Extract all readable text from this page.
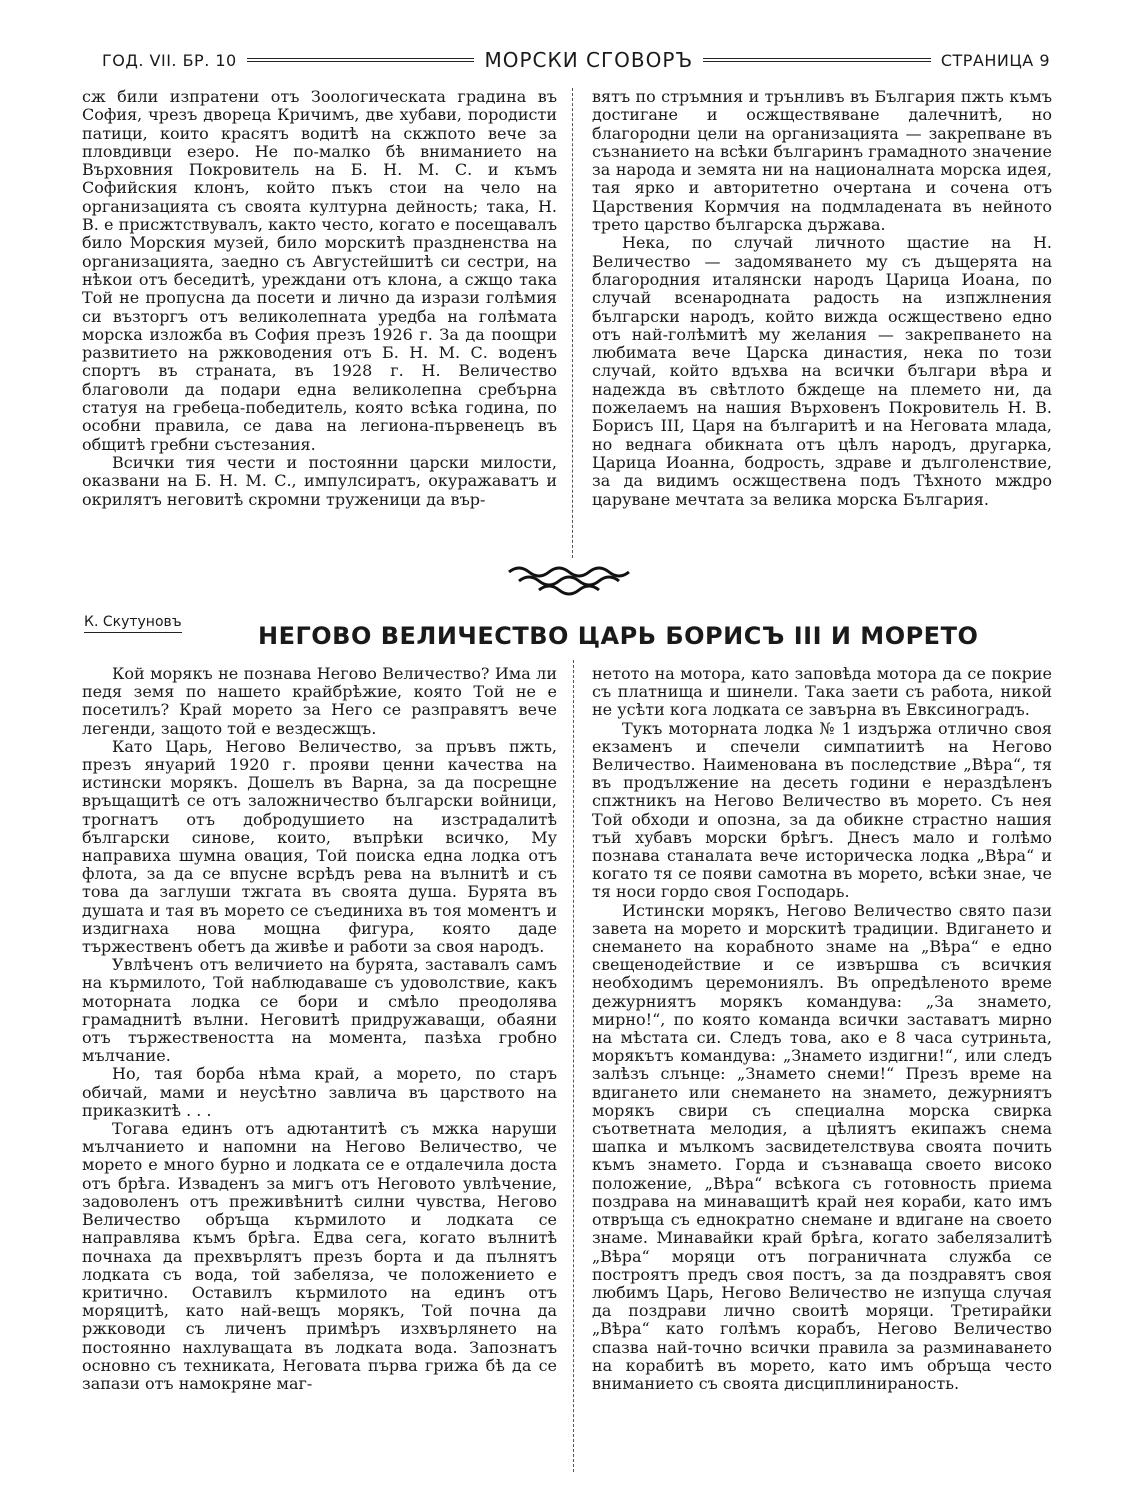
ГОД. VII. БР. 10	МОРСКИ СГОВОРЪ	СТРАНИЦА 9

сж били изпратени отъ Зоологическата градина въ София, чрезъ двореца Кричимъ, две хубави, породисти патици, които красятъ водитѣ на скжпото вече за пловдивци езеро. Не по-малко бѣ вниманието на Върховния Покровитель на Б. Н. М. С. и къмъ Софийския клонъ, който пъкъ стои на чело на организацията съ своята културна дейность; така, Н. В. е присжтствувалъ, както често, когато е посещавалъ било Морския музей, било морскитѣ праздненства на организацията, заедно съ Августейшитѣ си сестри, на нѣкои отъ беседитѣ, уреждани отъ клона, а сжщо така Той не пропусна да посети и лично да изрази голѣмия си възторгъ отъ великолепната уредба на голѣмата морска изложба въ София презъ 1926 г. За да поощри развитието на ржководения отъ Б. Н. М. С. воденъ спортъ въ страната, въ 1928 г. Н. Величество благоволи да подари една великолепна сребърна статуя на гребеца-победитель, която всѣка година, по особни правила, се дава на легиона-първенецъ въ общитѣ гребни състезания.

Всички тия чести и постоянни царски милости, оказвани на Б. Н. М. С., импулсиратъ, окуражаватъ и окрилятъ неговитѣ скромни труженици да вър-

вятъ по стръмния и трънливъ въ България пжть къмъ достигане и осжществяване далечнитѣ, но благородни цели на организацията — закрепване въ съзнанието на всѣки българинъ грамадното значение за народа и земята ни на националната морска идея, тая ярко и авторитетно очертана и сочена отъ Царствения Кормчия на подмладената въ нейното трето царство българска държава.

Нека, по случай личното щастие на Н. Величество — задомяването му съ дъщерята на благородния италянски народъ Царица Иоана, по случай всенародната радость на изпжлнения български народъ, който вижда осжществено едно отъ най-голѣмитѣ му желания — закрепването на любимата вече Царска династия, нека по този случай, който вдъхва на всички българи вѣра и надежда въ свѣтлото бждеще на племето ни, да пожелаемъ на нашия Върховенъ Покровитель Н. В. Борисъ III, Царя на българитѣ и на Неговата млада, но веднага обикната отъ цѣлъ народъ, другарка, Царица Иоанна, бодрость, здраве и дълголенствие, за да видимъ осжществена подъ Тѣхното мждро царуване мечтата за велика морска България.

К. Скутуновъ	НЕГОВО ВЕЛИЧЕСТВО ЦАРЬ БОРИСЪ III И МОРЕТО

Кой морякъ не познава Негово Величество? Има ли педя земя по нашето крайбрѣжие, която Той не е посетилъ? Край морето за Него се разправятъ вече легенди, защото той е вездесжщъ.

Като Царь, Негово Величество, за пръвъ пжть, презъ януарий 1920 г. прояви ценни качества на истински морякъ. Дошелъ въ Варна, за да посрещне връщащитѣ се отъ заложничество български войници, трогнатъ отъ добродушието на изстрадалитѣ български синове, които, въпрѣки всичко, Му направиха шумна овация, Той поиска една лодка отъ флота, за да се впусне всрѣдъ рева на вълнитѣ и съ това да заглуши тжгата въ своята душа. Бурята въ душата и тая въ морето се съединиха въ тоя моментъ и издигнаха нова мощна фигура, която даде тържественъ обетъ да живѣе и работи за своя народъ.

Увлѣченъ отъ величието на бурята, заставалъ самъ на кърмилото, Той наблюдаваше съ удоволствие, какъ моторната лодка се бори и смѣло преодолява грамаднитѣ вълни. Неговитѣ придружаващи, обаяни отъ тържествеността на момента, пазѣха гробно мълчание.

Но, тая борба нѣма край, а морето, по старъ обичай, мами и неусѣтно завлича въ царството на приказкитѣ . . .

Тогава единъ отъ адютантитѣ съ мжка наруши мълчанието и напомни на Негово Величество, че морето е много бурно и лодката се е отдалечила доста отъ брѣга. Изваденъ за мигъ отъ Неговото увлѣчение, задоволенъ отъ преживѣнитѣ силни чувства, Негово Величество обръща кърмилото и лодката се направлява къмъ брѣга. Едва сега, когато вълнитѣ почнаха да прехвърлятъ презъ борта и да пълнятъ лодката съ вода, той забеляза, че положението е критично. Оставилъ кърмилото на единъ отъ моряцитѣ, като най-вещъ морякъ, Той почна да ржководи съ личенъ примѣръ изхвърлянето на постоянно нахлуващата въ лодката вода. Запознатъ основно съ техниката, Неговата първа грижа бѣ да се запази отъ намокряне маг-

нетото на мотора, като заповѣда мотора да се покрие съ платнища и шинели. Така заети съ работа, никой не усѣти кога лодката се завърна въ Евксиноградъ.

Тукъ моторната лодка № 1 издържа отлично своя екзаменъ и спечели симпатиитѣ на Негово Величество. Наименована въ последствие „Вѣра“, тя въ продължение на десеть години е нераздѣленъ спжтникъ на Негово Величество въ морето. Съ нея Той обходи и опозна, за да обикне страстно нашия тъй хубавъ морски брѣгъ. Днесъ мало и голѣмо познава станалата вече историческа лодка „Вѣра“ и когато тя се появи самотна въ морето, всѣки знае, че тя носи гордо своя Господарь.

Истински морякъ, Негово Величество свято пази завета на морето и морскитѣ традиции. Вдигането и снемането на корабното знаме на „Вѣра“ е едно свещенодействие и се извършва съ всичкия необходимъ церемониялъ. Въ опредѣленото време дежурниятъ морякъ командува: „За знамето, мирно!“, по която команда всички заставатъ мирно на мѣстата си. Следъ това, ако е 8 часа сутриньта, морякътъ командува: „Знамето издигни!“, или следъ залѣзъ слънце: „Знамето снеми!“ Презъ време на вдигането или снемането на знамето, дежурниятъ морякъ свири съ специална морска свирка съответната мелодия, а цѣлиятъ екипажъ снема шапка и мълкомъ засвидетелствува своята почить къмъ знамето. Горда и съзнаваща своето високо положение, „Вѣра“ всѣкога съ готовность приема поздрава на минаващитѣ край нея кораби, като имъ отвръща съ еднократно снемане и вдигане на своето знаме. Минавайки край брѣга, когато забелязалитѣ „Вѣра“ моряци отъ пограничната служба се построятъ предъ своя постъ, за да поздравятъ своя любимъ Царь, Негово Величество не изпуща случая да поздрави лично своитѣ моряци. Третирайки „Вѣра“ като голѣмъ корабъ, Негово Величество спазва най-точно всички правила за разминаването на корабитѣ въ морето, като имъ обръща често вниманието съ своята дисциплинираность.
